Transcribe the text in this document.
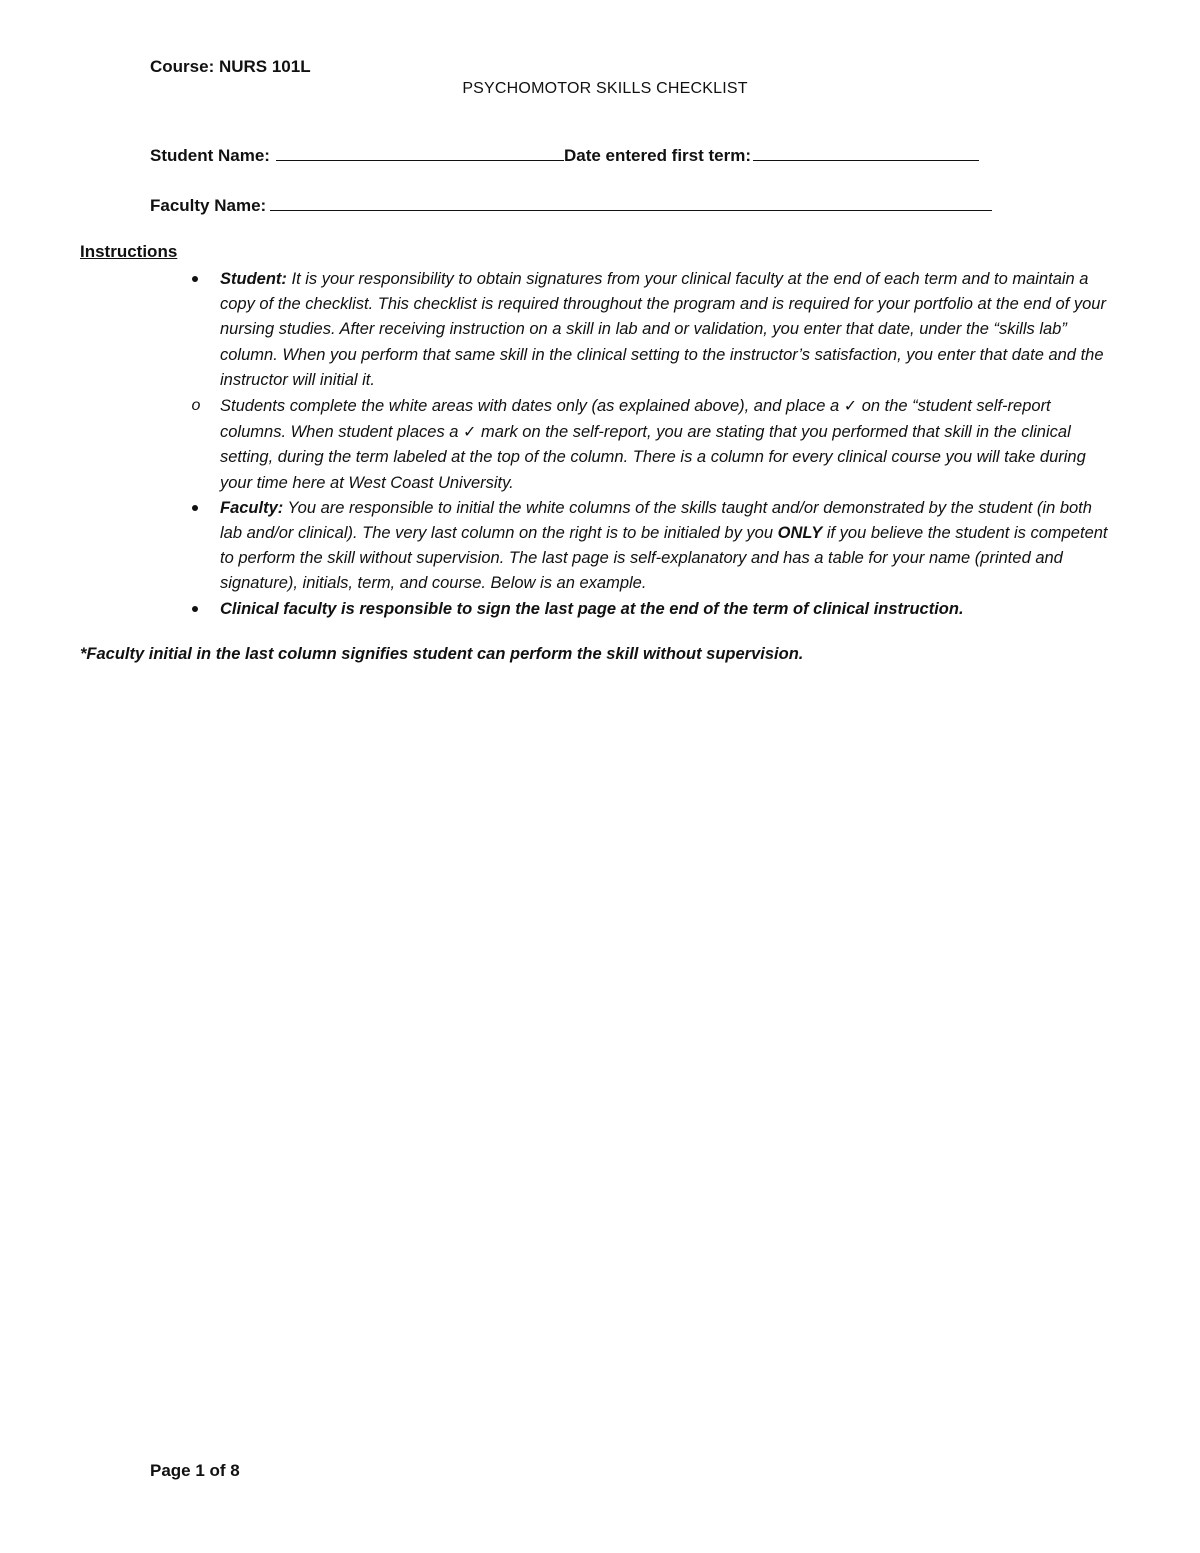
Course: NURS 101L
PSYCHOMOTOR SKILLS CHECKLIST
Student Name:	Date entered first term:
Faculty Name:
Instructions
Student: It is your responsibility to obtain signatures from your clinical faculty at the end of each term and to maintain a copy of the checklist. This checklist is required throughout the program and is required for your portfolio at the end of your nursing studies. After receiving instruction on a skill in lab and or validation, you enter that date, under the “skills lab” column. When you perform that same skill in the clinical setting to the instructor’s satisfaction, you enter that date and the instructor will initial it.
o	Students complete the white areas with dates only (as explained above), and place a ✓ on the “student self-report columns. When student places a ✓ mark on the self-report, you are stating that you performed that skill in the clinical setting, during the term labeled at the top of the column. There is a column for every clinical course you will take during your time here at West Coast University.
Faculty: You are responsible to initial the white columns of the skills taught and/or demonstrated by the student (in both lab and/or clinical). The very last column on the right is to be initialed by you ONLY if you believe the student is competent to perform the skill without supervision. The last page is self-explanatory and has a table for your name (printed and signature), initials, term, and course. Below is an example.
Clinical faculty is responsible to sign the last page at the end of the term of clinical instruction.
*Faculty initial in the last column signifies student can perform the skill without supervision.
Page 1 of 8
